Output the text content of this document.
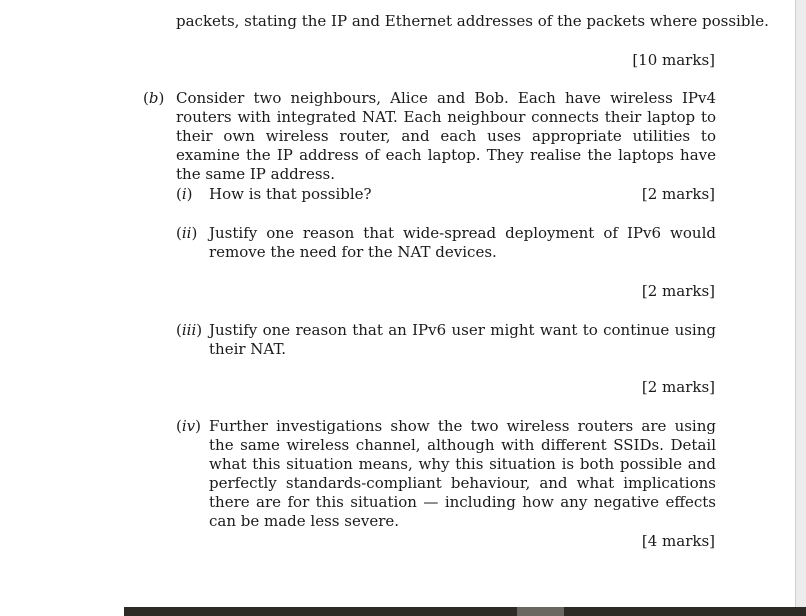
packets, stating the IP and Ethernet addresses of the packets where possible.
[10 marks]
(b) Consider two neighbours, Alice and Bob. Each have wireless IPv4 routers with integrated NAT. Each neighbour connects their laptop to their own wireless router, and each uses appropriate utilities to examine the IP address of each laptop. They realise the laptops have the same IP address.
(i) How is that possible?	[2 marks]
(ii) Justify one reason that wide-spread deployment of IPv6 would remove the need for the NAT devices.
[2 marks]
(iii) Justify one reason that an IPv6 user might want to continue using their NAT.
[2 marks]
(iv) Further investigations show the two wireless routers are using the same wireless channel, although with different SSIDs. Detail what this situation means, why this situation is both possible and perfectly standards-compliant behaviour, and what implications there are for this situation — including how any negative effects can be made less severe.
[4 marks]
